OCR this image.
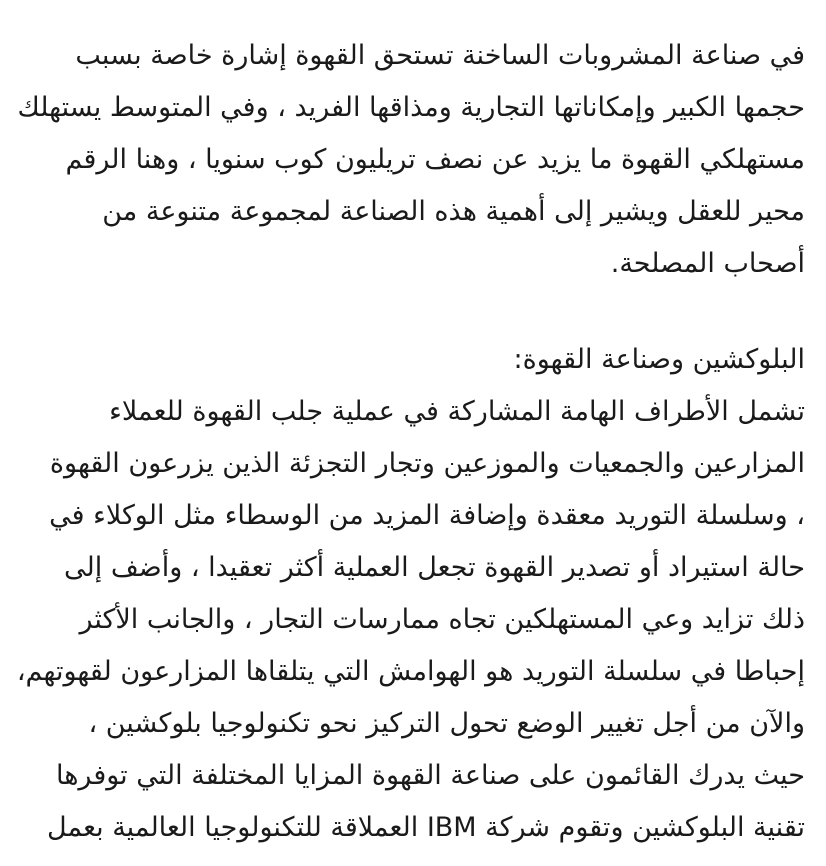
في صناعة المشروبات الساخنة تستحق القهوة إشارة خاصة بسبب
حجمها الكبير وإمكاناتها التجارية ومذاقها الفريد ، وفي المتوسط يستهلك
مستهلكي القهوة ما يزيد عن نصف تريليون كوب سنويا ، وهنا الرقم
محير للعقل ويشير إلى أهمية هذه الصناعة لمجموعة متنوعة من
أصحاب المصلحة.
البلوكشين وصناعة القهوة:
تشمل الأطراف الهامة المشاركة في عملية جلب القهوة للعملاء
المزارعين والجمعيات والموزعين وتجار التجزئة الذين يزرعون القهوة
، وسلسلة التوريد معقدة وإضافة المزيد من الوسطاء مثل الوكلاء في
حالة استيراد أو تصدير القهوة تجعل العملية أكثر تعقيدا ، وأضف إلى
ذلك تزايد وعي المستهلكين تجاه ممارسات التجار ، والجانب الأكثر
إحباطا في سلسلة التوريد هو الهوامش التي يتلقاها المزارعون لقهوتهم،
والآن من أجل تغيير الوضع تحول التركيز نحو تكنولوجيا بلوكشين ،
حيث يدرك القائمون على صناعة القهوة المزايا المختلفة التي توفرها
تقنية البلوكشين وتقوم شركة IBM العملاقة للتكنولوجيا العالمية بعمل
